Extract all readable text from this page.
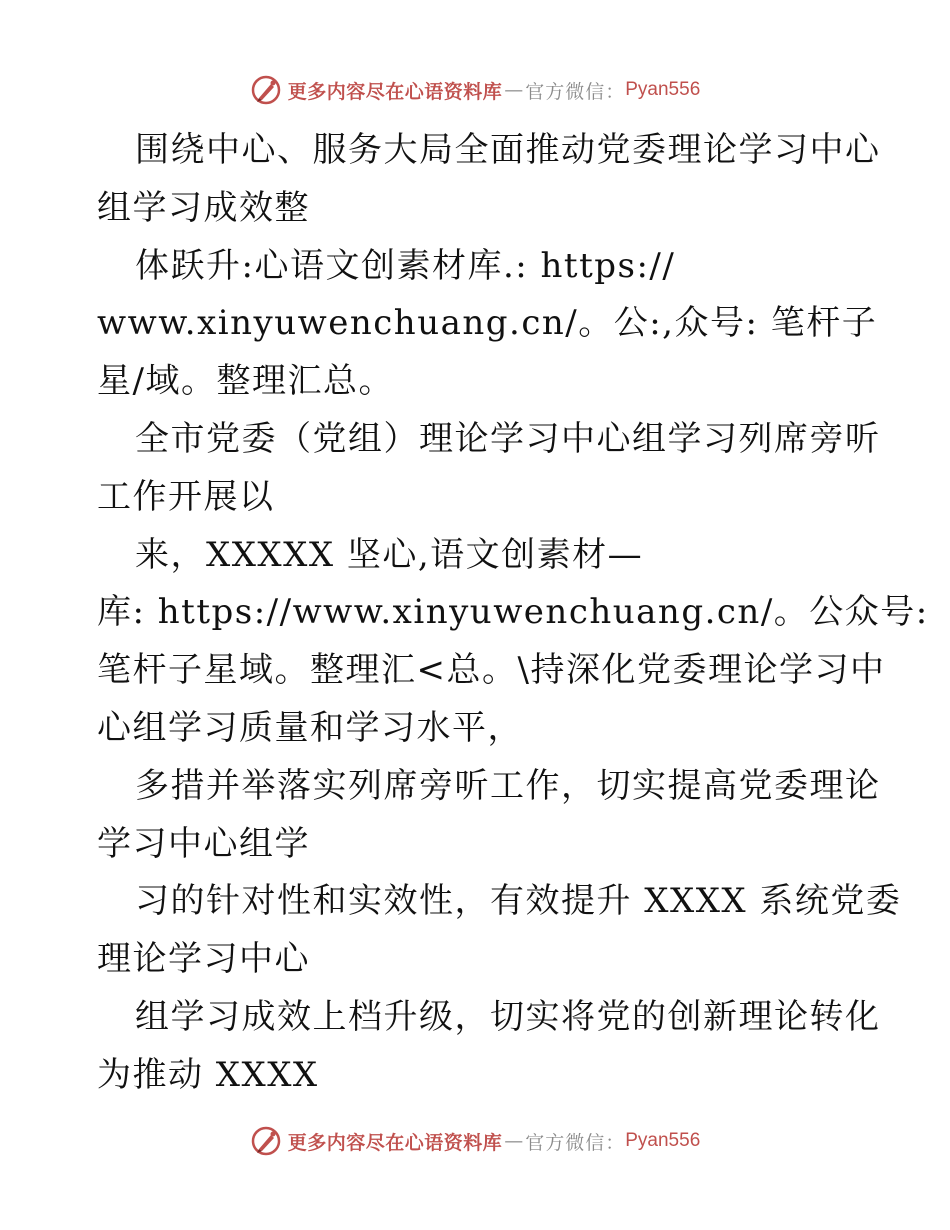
更多内容尽在心语资料库 — 官方微信： Pyan556
围绕中心、服务大局全面推动党委理论学习中心
组学习成效整
体跃升:心语文创素材库.: https://
www.xinyuwenchuang.cn/。公:,众号: 笔杆子
星/域。整理汇总。
全市党委（党组）理论学习中心组学习列席旁听
工作开展以
来，XXXXX 坚心,语文创素材—
库: https://www.xinyuwenchuang.cn/。公众号:
笔杆子星域。整理汇<总。\持深化党委理论学习中
心组学习质量和学习水平，
多措并举落实列席旁听工作，切实提高党委理论
学习中心组学
习的针对性和实效性，有效提升 XXXX 系统党委
理论学习中心
组学习成效上档升级，切实将党的创新理论转化
为推动 XXXX
更多内容尽在心语资料库 — 官方微信： Pyan556
